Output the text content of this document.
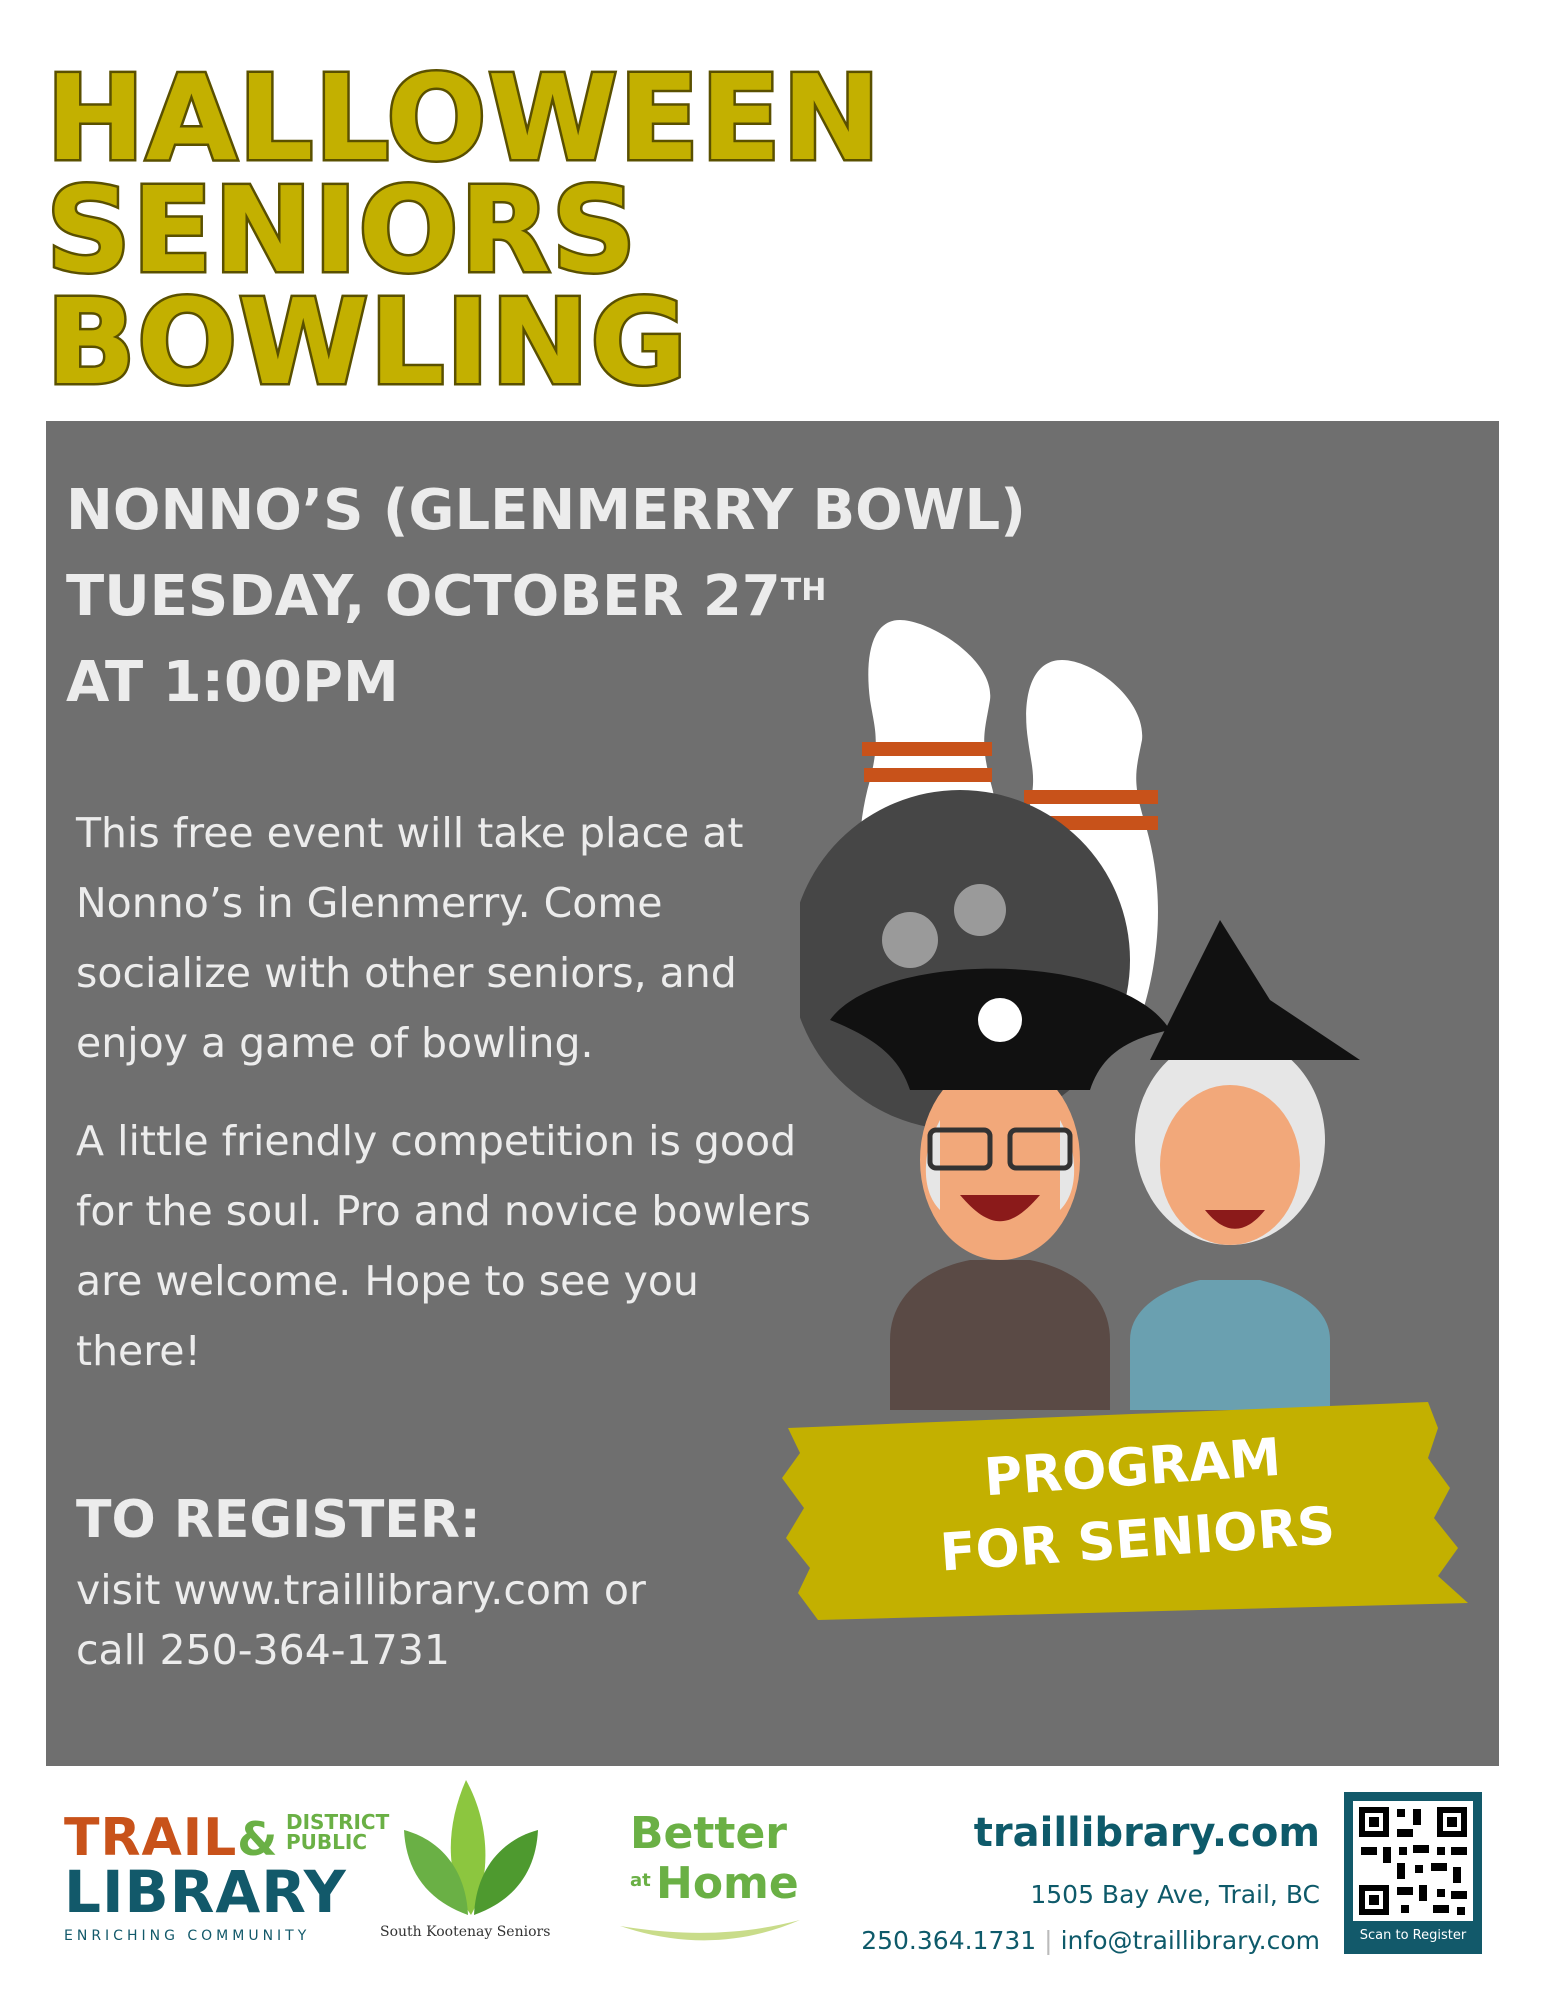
HALLOWEEN
SENIORS
BOWLING
NONNO’S (GLENMERRY BOWL)
TUESDAY, OCTOBER 27TH
AT 1:00PM
This free event will take place at Nonno’s in Glenmerry. Come socialize with other seniors, and enjoy a game of bowling.
A little friendly competition is good for the soul. Pro and novice bowlers are welcome. Hope to see you there!
TO REGISTER:
visit www.traillibrary.com or
call 250-364-1731
PROGRAM
FOR SENIORS
TRAIL& DISTRICT
PUBLIC
LIBRARY
ENRICHING COMMUNITY	South Kootenay Seniors
Better
at Home
traillibrary.com
1505 Bay Ave, Trail, BC
250.364.1731 | info@traillibrary.com	Scan to Register
